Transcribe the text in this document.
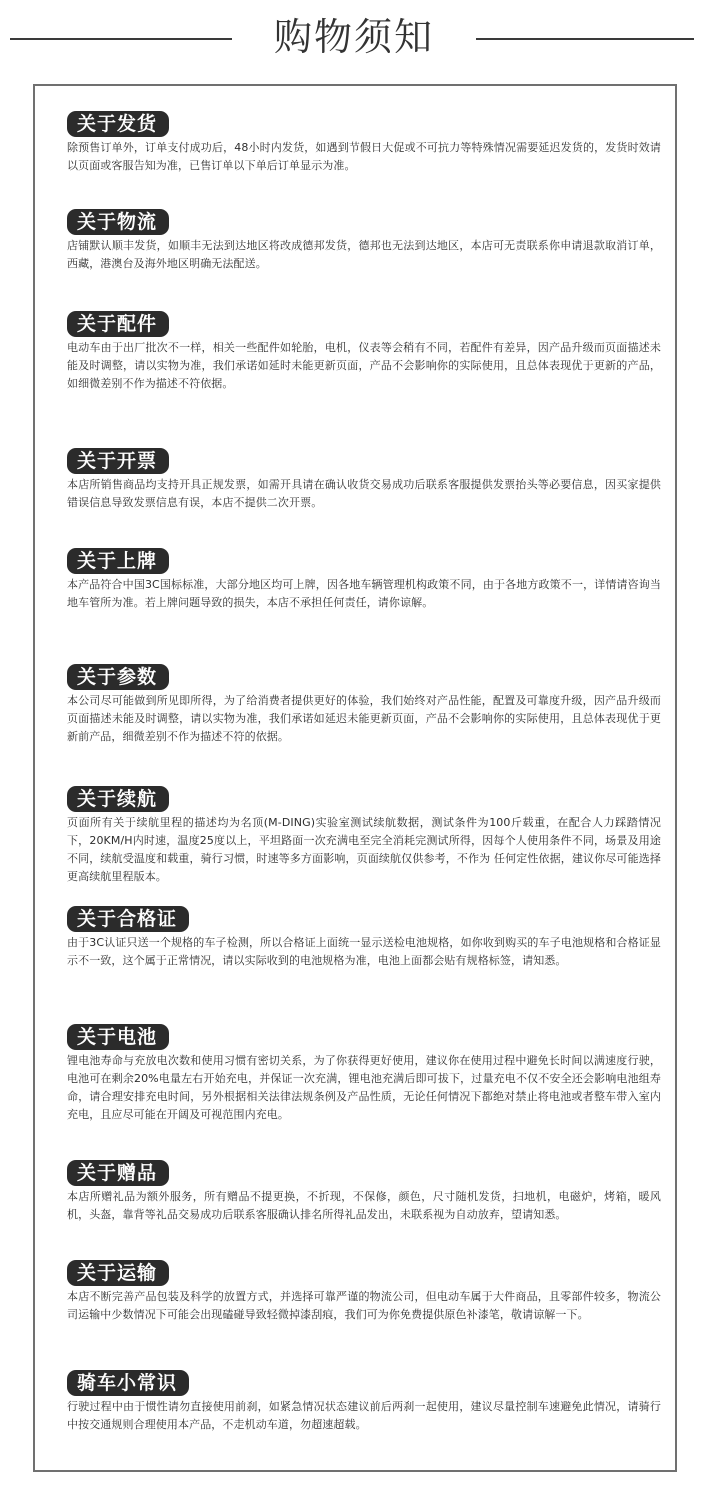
购物须知
关于发货
除预售订单外，订单支付成功后，48小时内发货，如遇到节假日大促或不可抗力等特殊情况需要延迟发货的，发货时效请以页面或客服告知为准，已售订单以下单后订单显示为准。
关于物流
店铺默认顺丰发货，如顺丰无法到达地区将改成德邦发货，德邦也无法到达地区，本店可无责联系你申请退款取消订单，西藏，港澳台及海外地区明确无法配送。
关于配件
电动车由于出厂批次不一样，相关一些配件如轮胎，电机，仪表等会稍有不同，若配件有差异，因产品升级而页面描述未能及时调整，请以实物为准，我们承诺如延时未能更新页面，产品不会影响你的实际使用，且总体表现优于更新的产品，如细微差别不作为描述不符依据。
关于开票
本店所销售商品均支持开具正规发票，如需开具请在确认收货交易成功后联系客服提供发票抬头等必要信息，因买家提供错误信息导致发票信息有误，本店不提供二次开票。
关于上牌
本产品符合中国3C国标标准，大部分地区均可上牌，因各地车辆管理机构政策不同，由于各地方政策不一，详情请咨询当地车管所为准。若上牌问题导致的损失，本店不承担任何责任，请你谅解。
关于参数
本公司尽可能做到所见即所得，为了给消费者提供更好的体验，我们始终对产品性能，配置及可靠度升级，因产品升级而页面描述未能及时调整，请以实物为准，我们承诺如延迟未能更新页面，产品不会影响你的实际使用，且总体表现优于更新前产品，细微差别不作为描述不符的依据。
关于续航
页面所有关于续航里程的描述均为名顶(M-DING)实验室测试续航数据，测试条件为100斤载重，在配合人力踩踏情况下，20KM/H内时速，温度25度以上，平坦路面一次充满电至完全消耗完测试所得，因每个人使用条件不同，场景及用途不同，续航受温度和载重，骑行习惯，时速等多方面影响，页面续航仅供参考，不作为 任何定性依据，建议你尽可能选择更高续航里程版本。
关于合格证
由于3C认证只送一个规格的车子检测，所以合格证上面统一显示送检电池规格，如你收到购买的车子电池规格和合格证显示不一致，这个属于正常情况，请以实际收到的电池规格为准，电池上面都会贴有规格标签，请知悉。
关于电池
锂电池寿命与充放电次数和使用习惯有密切关系，为了你获得更好使用，建议你在使用过程中避免长时间以满速度行驶，电池可在剩余20%电量左右开始充电，并保证一次充满，锂电池充满后即可拔下，过量充电不仅不安全还会影响电池组寿命，请合理安排充电时间，另外根据相关法律法规条例及产品性质，无论任何情况下都绝对禁止将电池或者整车带入室内充电，且应尽可能在开阔及可视范围内充电。
关于赠品
本店所赠礼品为额外服务，所有赠品不提更换，不折现，不保修，颜色，尺寸随机发货，扫地机，电磁炉，烤箱，暖风机，头盔，靠背等礼品交易成功后联系客服确认排名所得礼品发出，未联系视为自动放弃，望请知悉。
关于运输
本店不断完善产品包装及科学的放置方式，并选择可靠严谨的物流公司，但电动车属于大件商品，且零部件较多，物流公司运输中少数情况下可能会出现磕碰导致轻微掉漆刮痕，我们可为你免费提供原色补漆笔，敬请谅解一下。
骑车小常识
行驶过程中由于惯性请勿直接使用前刹，如紧急情况状态建议前后两刹一起使用，建议尽量控制车速避免此情况，请骑行中按交通规则合理使用本产品，不走机动车道，勿超速超载。
